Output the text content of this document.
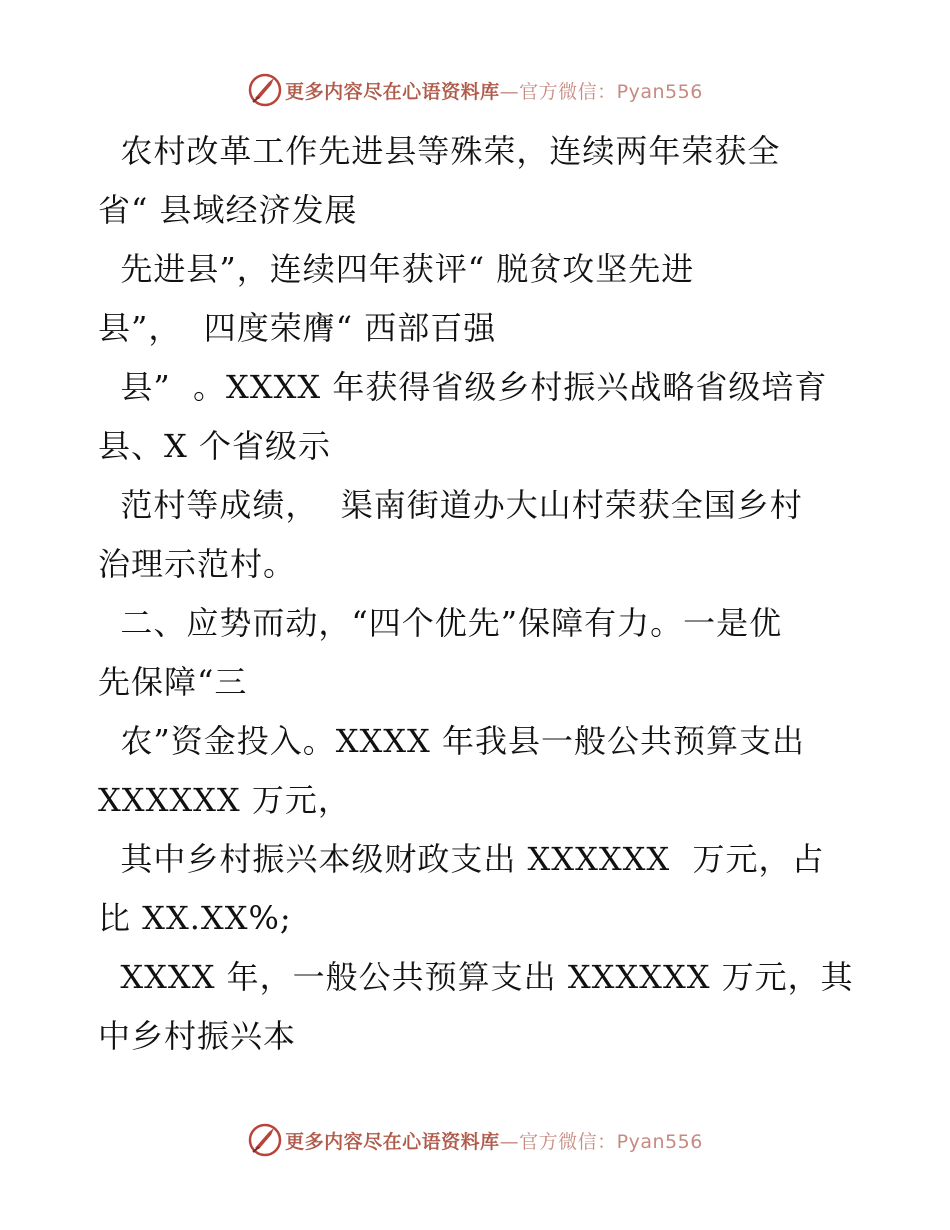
更多内容尽在心语资料库 —官方微信：Pyan556
农村改革工作先进县等殊荣，连续两年荣获全
省“ 县域经济发展
先进县”，连续四年获评“ 脱贫攻坚先进
县”，  四度荣膺“ 西部百强
县”  。XXXX 年获得省级乡村振兴战略省级培育
县、X 个省级示
范村等成绩，  渠南街道办大山村荣获全国乡村
治理示范村。
二、应势而动，“四个优先”保障有力。一是优
先保障“三
农”资金投入。XXXX 年我县一般公共预算支出
XXXXXX 万元，
其中乡村振兴本级财政支出 XXXXXX  万元，占
比 XX.XX%;
XXXX 年，一般公共预算支出 XXXXXX 万元，其
中乡村振兴本
更多内容尽在心语资料库 —官方微信：Pyan556
